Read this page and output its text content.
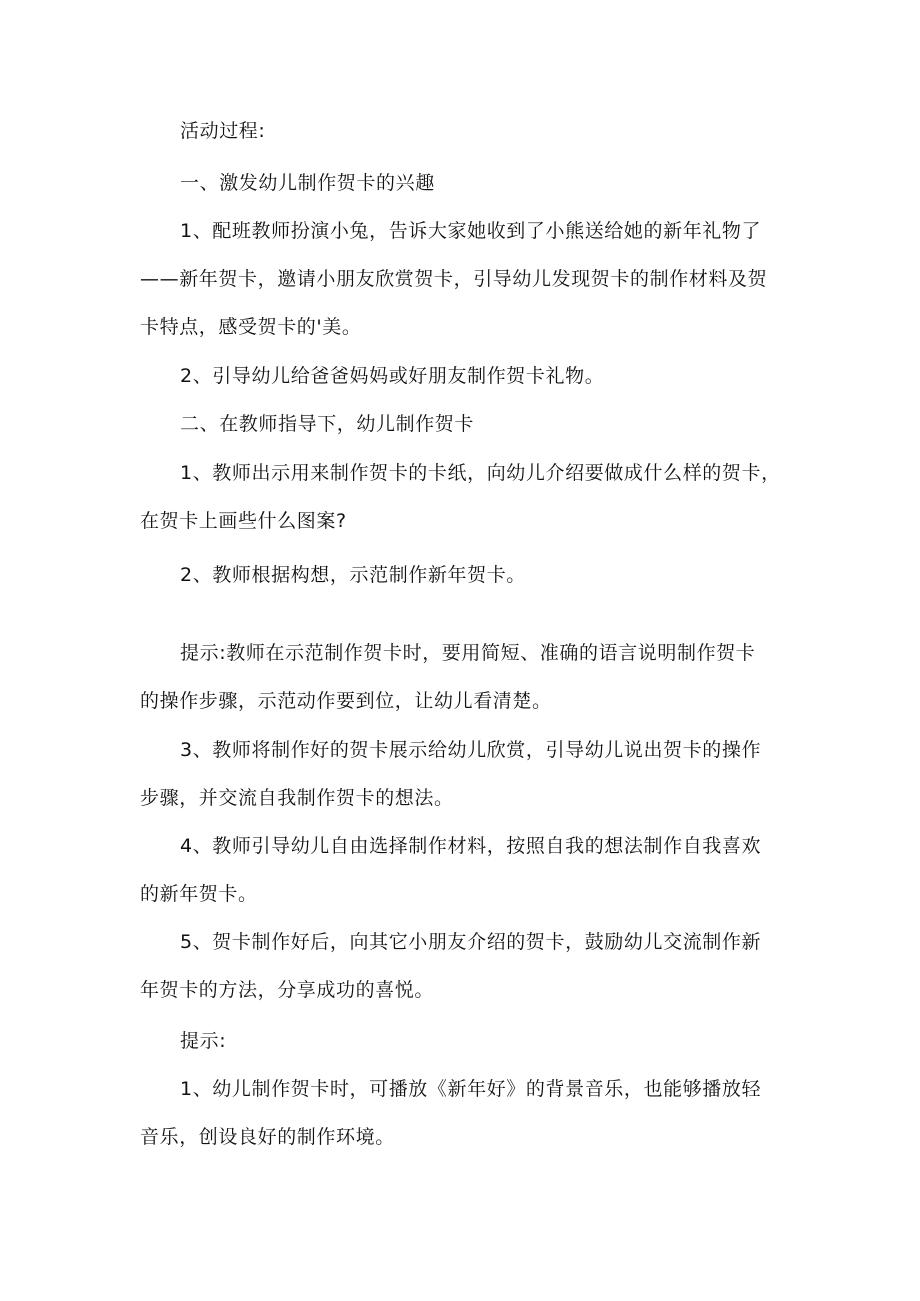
活动过程:
一、激发幼儿制作贺卡的兴趣
1、配班教师扮演小兔，告诉大家她收到了小熊送给她的新年礼物了
——新年贺卡，邀请小朋友欣赏贺卡，引导幼儿发现贺卡的制作材料及贺
卡特点，感受贺卡的'美。
2、引导幼儿给爸爸妈妈或好朋友制作贺卡礼物。
二、在教师指导下，幼儿制作贺卡
1、教师出示用来制作贺卡的卡纸，向幼儿介绍要做成什么样的贺卡，
在贺卡上画些什么图案?
2、教师根据构想，示范制作新年贺卡。
提示:教师在示范制作贺卡时，要用简短、准确的语言说明制作贺卡
的操作步骤，示范动作要到位，让幼儿看清楚。
3、教师将制作好的贺卡展示给幼儿欣赏，引导幼儿说出贺卡的操作
步骤，并交流自我制作贺卡的想法。
4、教师引导幼儿自由选择制作材料，按照自我的想法制作自我喜欢
的新年贺卡。
5、贺卡制作好后，向其它小朋友介绍的贺卡，鼓励幼儿交流制作新
年贺卡的方法，分享成功的喜悦。
提示:
1、幼儿制作贺卡时，可播放《新年好》的背景音乐，也能够播放轻
音乐，创设良好的制作环境。
